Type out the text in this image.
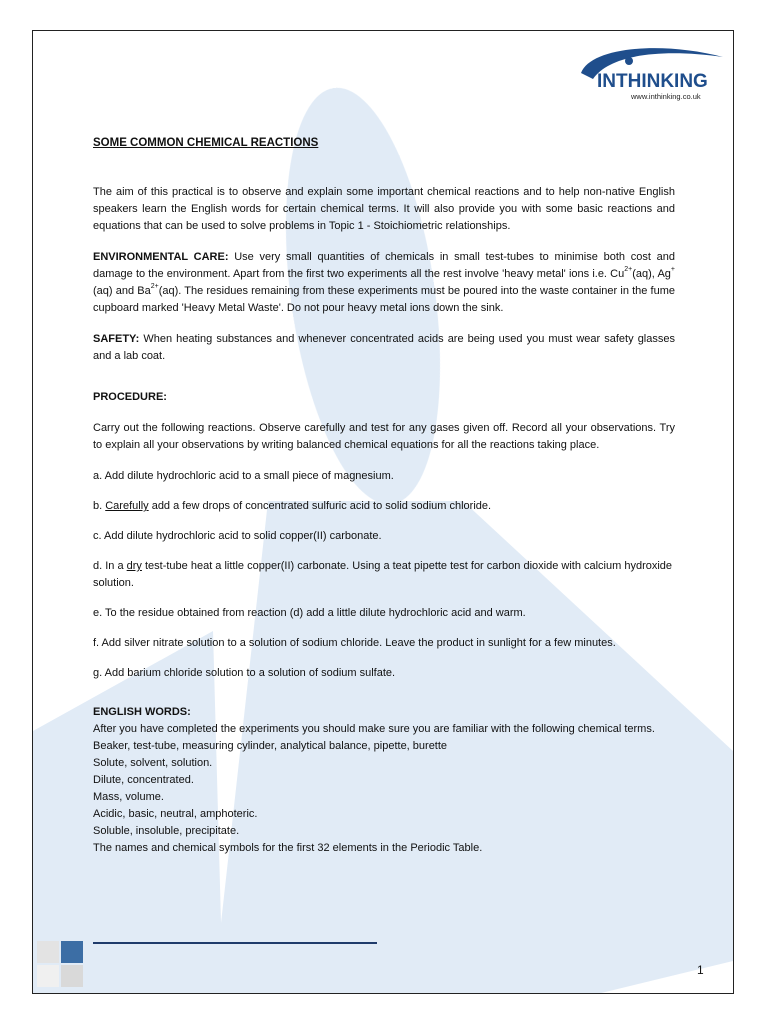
INTHINKING
www.inthinking.co.uk

SOME COMMON CHEMICAL REACTIONS

The aim of this practical is to observe and explain some important chemical reactions and to help non-native English speakers learn the English words for certain chemical terms. It will also provide you with some basic reactions and equations that can be used to solve problems in Topic 1 - Stoichiometric relationships.

ENVIRONMENTAL CARE: Use very small quantities of chemicals in small test-tubes to minimise both cost and damage to the environment. Apart from the first two experiments all the rest involve 'heavy metal' ions i.e. $Cu^{2+}(aq)$, Ag+(aq) and $Ba^{2+}(aq)$. The residues remaining from these experiments must be poured into the waste container in the fume cupboard marked 'Heavy Metal Waste'. Do not pour heavy metal ions down the sink.

SAFETY: When heating substances and whenever concentrated acids are being used you must wear safety glasses and a lab coat.

PROCEDURE:

Carry out the following reactions. Observe carefully and test for any gases given off. Record all your observations. Try to explain all your observations by writing balanced chemical equations for all the reactions taking place.

a. Add dilute hydrochloric acid to a small piece of magnesium.

b. Carefully add a few drops of concentrated sulfuric acid to solid sodium chloride.

c. Add dilute hydrochloric acid to solid copper(II) carbonate.

d. In a dry test-tube heat a little copper(II) carbonate. Using a teat pipette test for carbon dioxide with calcium hydroxide solution.

e. To the residue obtained from reaction (d) add a little dilute hydrochloric acid and warm.

f. Add silver nitrate solution to a solution of sodium chloride. Leave the product in sunlight for a few minutes.

g. Add barium chloride solution to a solution of sodium sulfate.

ENGLISH WORDS:

After you have completed the experiments you should make sure you are familiar with the following chemical terms.

Beaker, test-tube, measuring cylinder, analytical balance, pipette, burette

Solute, solvent, solution.

Dilute, concentrated.

Mass, volume.

Acidic, basic, neutral, amphoteric.

Soluble, insoluble, precipitate.

The names and chemical symbols for the first 32 elements in the Periodic Table.

1
